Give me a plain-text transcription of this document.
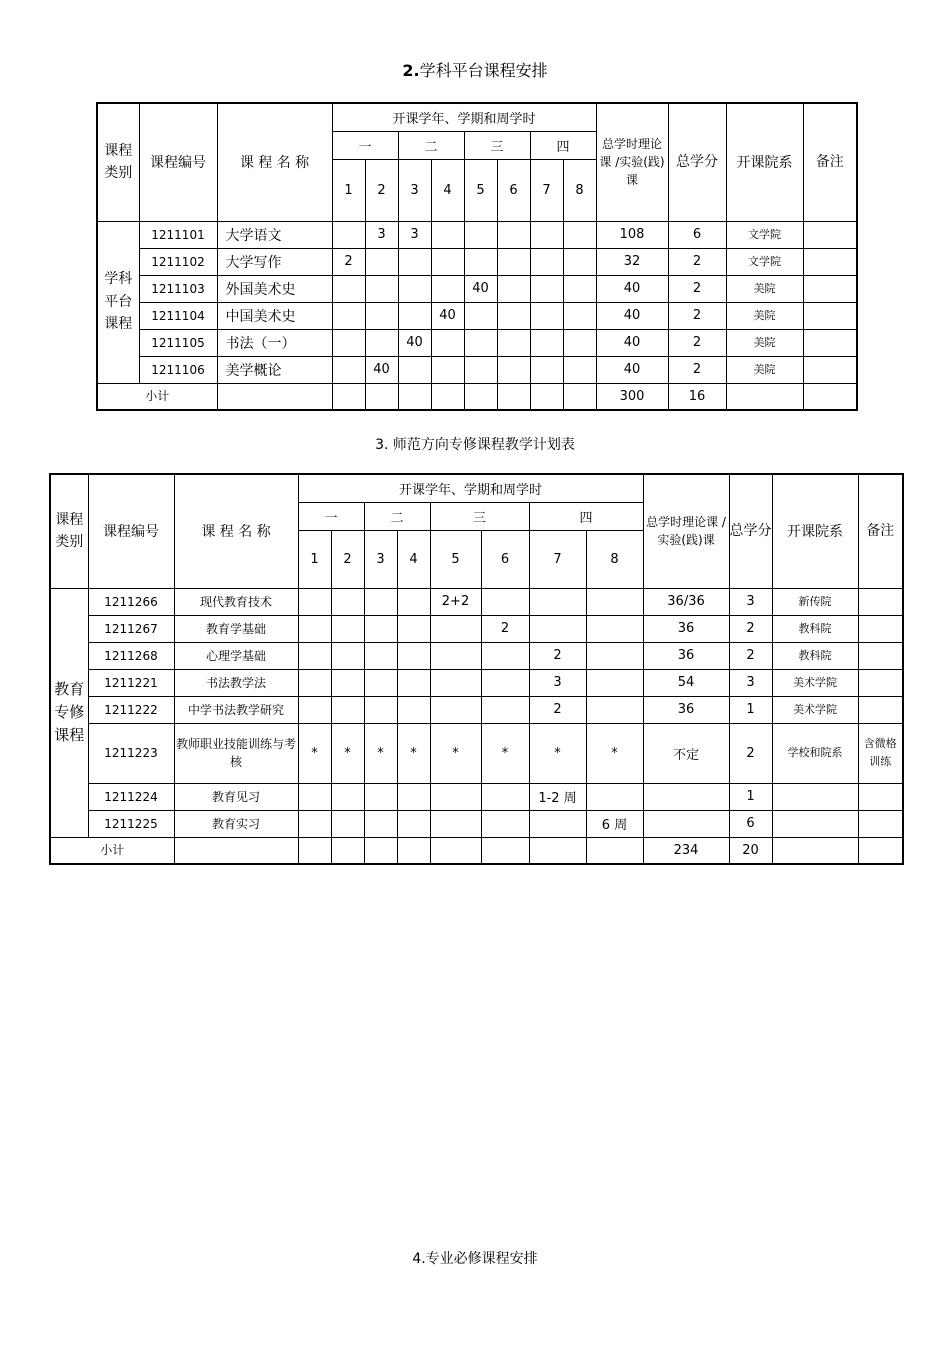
2.学科平台课程安排
课程类别	课程编号	课 程 名 称	开课学年、学期和周学时								总学时理论课 /实验(践)课	总学分	开课院系	备注
			一		二		三		四					
			1	2	3	4	5	6	7	8				
学科平台课程	1211101	大学语文		3	3						108	6	文学院	
	1211102	大学写作	2								32	2	文学院	
	1211103	外国美术史					40				40	2	美院	
	1211104	中国美术史				40					40	2	美院	
	1211105	书法（一）			40						40	2	美院	
	1211106	美学概论		40							40	2	美院	
小计											300	16		
3. 师范方向专修课程教学计划表
课程类别	课程编号	课 程 名 称	开课学年、学期和周学时								总学时理论课 /实验(践)课	总学分	开课院系	备注
			一		二		三		四					
			1	2	3	4	5	6	7	8				
教育专修课程	1211266	现代教育技术					2+2				36/36	3	新传院	
	1211267	教育学基础						2			36	2	教科院	
	1211268	心理学基础							2		36	2	教科院	
	1211221	书法教学法							3		54	3	美术学院	
	1211222	中学书法教学研究							2		36	1	美术学院	
	1211223	教师职业技能训练与考核	*	*	*	*	*	*	*	*	不定	2	学校和院系	含微格训练
	1211224	教育见习							1-2 周			1		
	1211225	教育实习								6 周		6		
小计											234	20		
4.专业必修课程安排
